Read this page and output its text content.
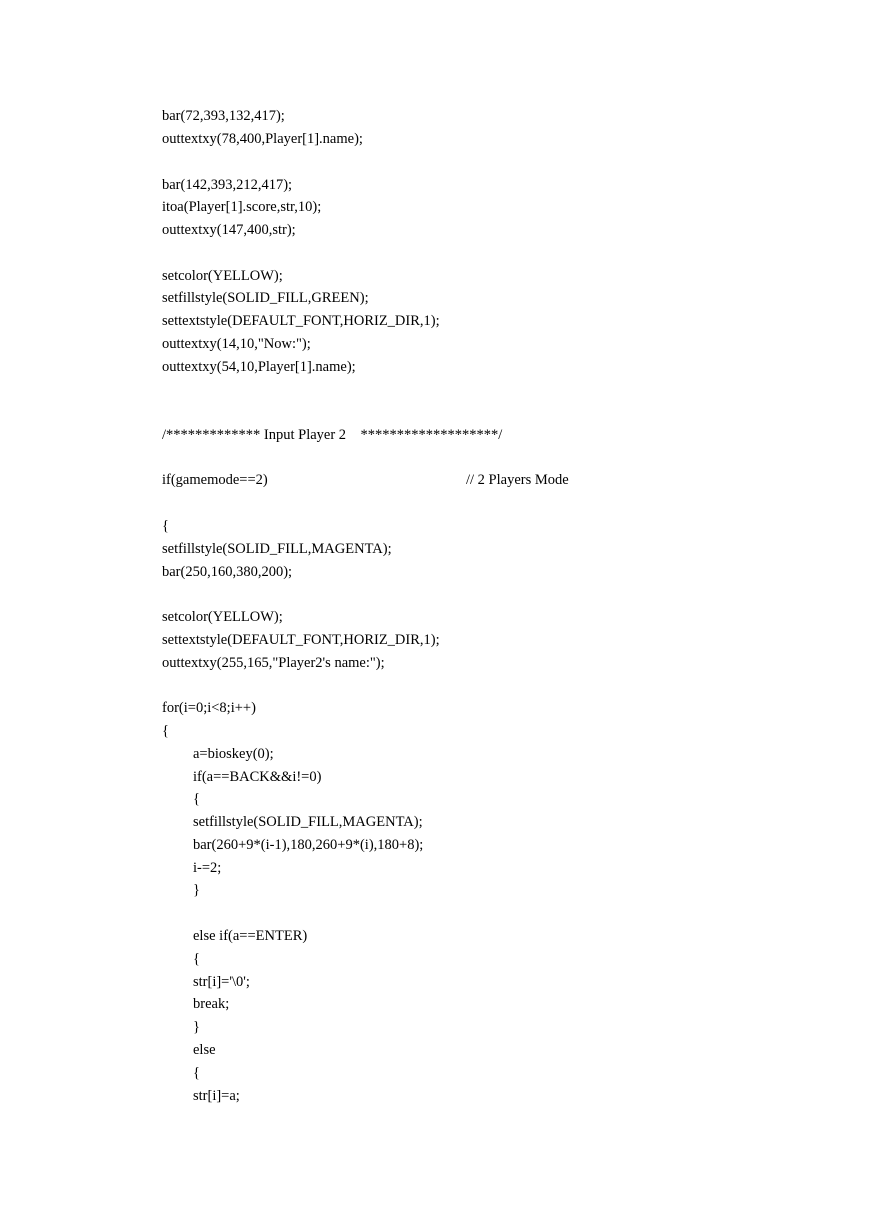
bar(72,393,132,417);
outtextxy(78,400,Player[1].name);
bar(142,393,212,417);
itoa(Player[1].score,str,10);
outtextxy(147,400,str);
setcolor(YELLOW);
setfillstyle(SOLID_FILL,GREEN);
settextstyle(DEFAULT_FONT,HORIZ_DIR,1);
outtextxy(14,10,"Now:");
outtextxy(54,10,Player[1].name);
/************* Input Player 2    *******************/
if(gamemode==2)	// 2 Players Mode
{
setfillstyle(SOLID_FILL,MAGENTA);
bar(250,160,380,200);
setcolor(YELLOW);
settextstyle(DEFAULT_FONT,HORIZ_DIR,1);
outtextxy(255,165,"Player2's name:");
for(i=0;i<8;i++)
{
a=bioskey(0);
if(a==BACK&&i!=0)
{
setfillstyle(SOLID_FILL,MAGENTA);
bar(260+9*(i-1),180,260+9*(i),180+8);
i-=2;
}
else if(a==ENTER)
{
str[i]='\0';
break;
}
else
{
str[i]=a;
